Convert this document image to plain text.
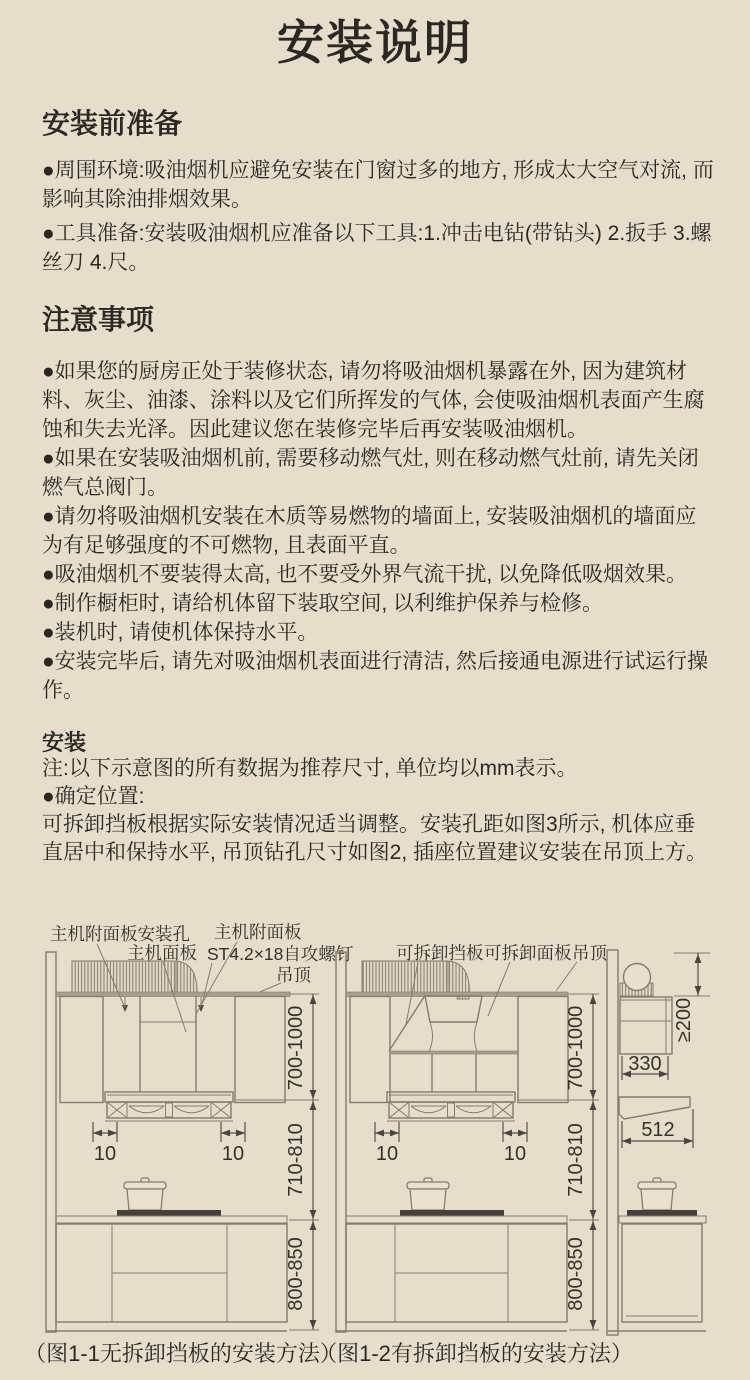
安装说明
安装前准备

●周围环境:吸油烟机应避免安装在门窗过多的地方, 形成太大空气对流, 而影响其除油排烟效果。

●工具准备:安装吸油烟机应准备以下工具:1.冲击电钻(带钻头) 2.扳手 3.螺丝刀 4.尺。

注意事项

●如果您的厨房正处于装修状态, 请勿将吸油烟机暴露在外, 因为建筑材料、灰尘、油漆、涂料以及它们所挥发的气体, 会使吸油烟机表面产生腐蚀和失去光泽。因此建议您在装修完毕后再安装吸油烟机。

●如果在安装吸油烟机前, 需要移动燃气灶, 则在移动燃气灶前, 请先关闭燃气总阀门。

●请勿将吸油烟机安装在木质等易燃物的墙面上, 安装吸油烟机的墙面应为有足够强度的不可燃物, 且表面平直。

●吸油烟机不要装得太高, 也不要受外界气流干扰, 以免降低吸烟效果。

●制作橱柜时, 请给机体留下装取空间, 以利维护保养与检修。

●装机时, 请使机体保持水平。

●安装完毕后, 请先对吸油烟机表面进行清洁, 然后接通电源进行试运行操作。

安装
注:以下示意图的所有数据为推荐尺寸, 单位均以mm表示。
●确定位置:
可拆卸挡板根据实际安装情况适当调整。安装孔距如图3所示, 机体应垂直居中和保持水平, 吊顶钻孔尺寸如图2, 插座位置建议安装在吊顶上方。
10	10
700-1000
710-810
800-850
主机附面板安装孔
主机面板
主机附面板
ST4.2×18自攻螺钉
吊顶
（图1-1无拆卸挡板的安装方法）
10	10
700-1000
710-810
800-850
可拆卸挡板 可拆卸面板 吊顶
（图1-2有拆卸挡板的安装方法）
≥200
330
512
